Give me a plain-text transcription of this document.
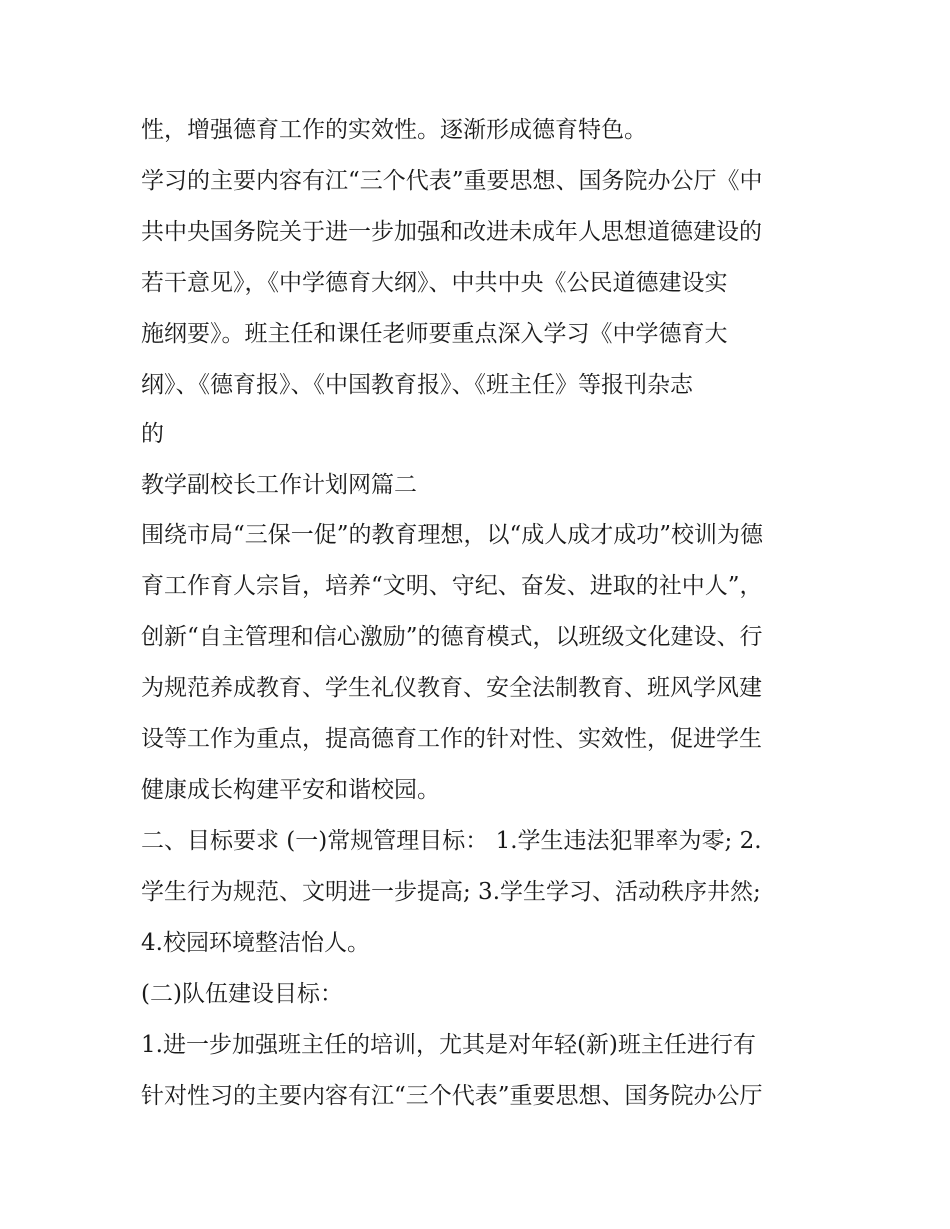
性，增强德育工作的实效性。逐渐形成德育特色。
学习的主要内容有江“三个代表”重要思想、国务院办公厅《中
共中央国务院关于进一步加强和改进未成年人思想道德建设的
若干意见》，《中学德育大纲》、中共中央《公民道德建设实
施纲要》。班主任和课任老师要重点深入学习《中学德育大
纲》、《德育报》、《中国教育报》、《班主任》等报刊杂志
的
教学副校长工作计划网篇二
围绕市局“三保一促”的教育理想，以“成人成才成功”校训为德
育工作育人宗旨，培养“文明、守纪、奋发、进取的社中人”，
创新“自主管理和信心激励”的德育模式，以班级文化建设、行
为规范养成教育、学生礼仪教育、安全法制教育、班风学风建
设等工作为重点，提高德育工作的针对性、实效性，促进学生
健康成长构建平安和谐校园。
二、目标要求 (一)常规管理目标： 1.学生违法犯罪率为零; 2.
学生行为规范、文明进一步提高; 3.学生学习、活动秩序井然;
4.校园环境整洁怡人。
(二)队伍建设目标：
1.进一步加强班主任的培训，尤其是对年轻(新)班主任进行有
针对性习的主要内容有江“三个代表”重要思想、国务院办公厅
